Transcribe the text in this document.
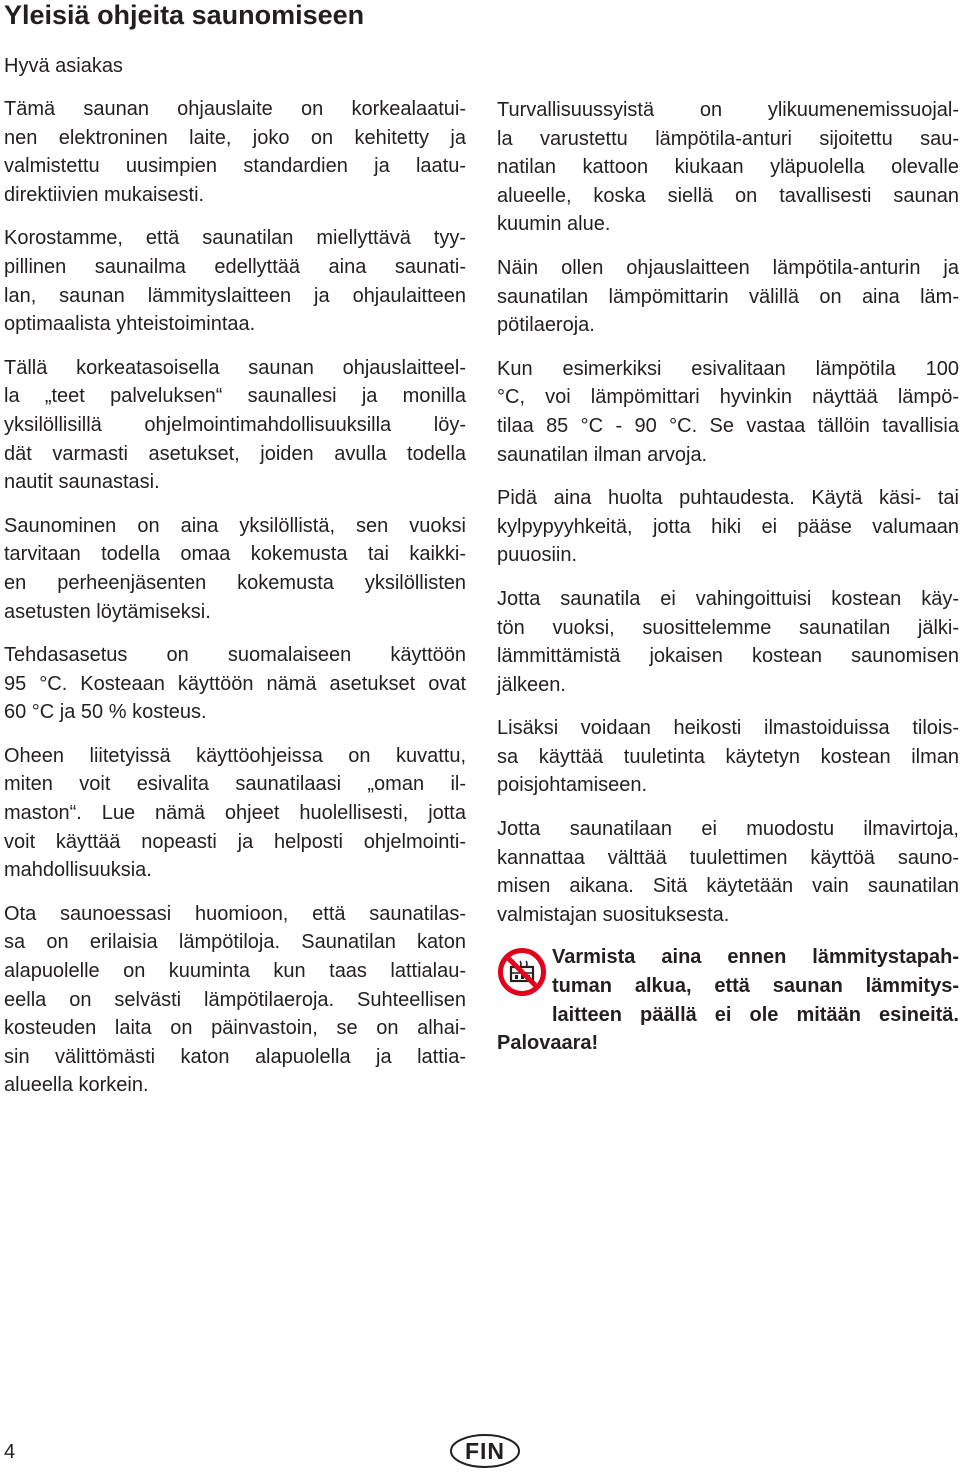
Yleisiä ohjeita saunomiseen
Hyvä asiakas

Tämä saunan ohjauslaite on korkealaatui-
nen elektroninen laite, joko on kehitetty ja
valmistettu uusimpien standardien ja laatu-
direktiivien mukaisesti.

Korostamme, että saunatilan miellyttävä tyy-
pillinen saunailma edellyttää aina saunati-
lan, saunan lämmityslaitteen ja ohjaulaitteen
optimaalista yhteistoimintaa.

Tällä korkeatasoisella saunan ohjauslaitteel-
la „teet palveluksen“ saunallesi ja monilla
yksilöllisillä ohjelmointimahdollisuuksilla löy-
dät varmasti asetukset, joiden avulla todella
nautit saunastasi.

Saunominen on aina yksilöllistä, sen vuoksi
tarvitaan todella omaa kokemusta tai kaikki-
en perheenjäsenten kokemusta yksilöllisten
asetusten löytämiseksi.

Tehdasasetus on suomalaiseen käyttöön
95 °C. Kosteaan käyttöön nämä asetukset ovat
60 °C ja 50 % kosteus.

Oheen liitetyissä käyttöohjeissa on kuvattu,
miten voit esivalita saunatilaasi „oman il-
maston“. Lue nämä ohjeet huolellisesti, jotta
voit käyttää nopeasti ja helposti ohjelmointi-
mahdollisuuksia.

Ota saunoessasi huomioon, että saunatilas-
sa on erilaisia lämpötiloja. Saunatilan katon
alapuolelle on kuuminta kun taas lattialau-
eella on selvästi lämpötilaeroja. Suhteellisen
kosteuden laita on päinvastoin, se on alhai-
sin välittömästi katon alapuolella ja lattia-
alueella korkein.

Turvallisuussyistä on ylikuumenemissuojal-
la varustettu lämpötila-anturi sijoitettu sau-
natilan kattoon kiukaan yläpuolella olevalle
alueelle, koska siellä on tavallisesti saunan
kuumin alue.

Näin ollen ohjauslaitteen lämpötila-anturin ja
saunatilan lämpömittarin välillä on aina läm-
pötilaeroja.

Kun esimerkiksi esivalitaan lämpötila 100
°C, voi lämpömittari hyvinkin näyttää lämpö-
tilaa 85 °C - 90 °C. Se vastaa tällöin tavallisia
saunatilan ilman arvoja.

Pidä aina huolta puhtaudesta. Käytä käsi- tai
kylpypyyhkeitä, jotta hiki ei pääse valumaan
puuosiin.

Jotta saunatila ei vahingoittuisi kostean käy-
tön vuoksi, suosittelemme saunatilan jälki-
lämmittämistä jokaisen kostean saunomisen
jälkeen.

Lisäksi voidaan heikosti ilmastoiduissa tilois-
sa käyttää tuuletinta käytetyn kostean ilman
poisjohtamiseen.

Jotta saunatilaan ei muodostu ilmavirtoja,
kannattaa välttää tuulettimen käyttöä sauno-
misen aikana. Sitä käytetään vain saunatilan
valmistajan suosituksesta.

Varmista aina ennen lämmitystapah-
tuman alkua, että saunan lämmitys-
laitteen päällä ei ole mitään esineitä.
Palovaara!
4	FIN
